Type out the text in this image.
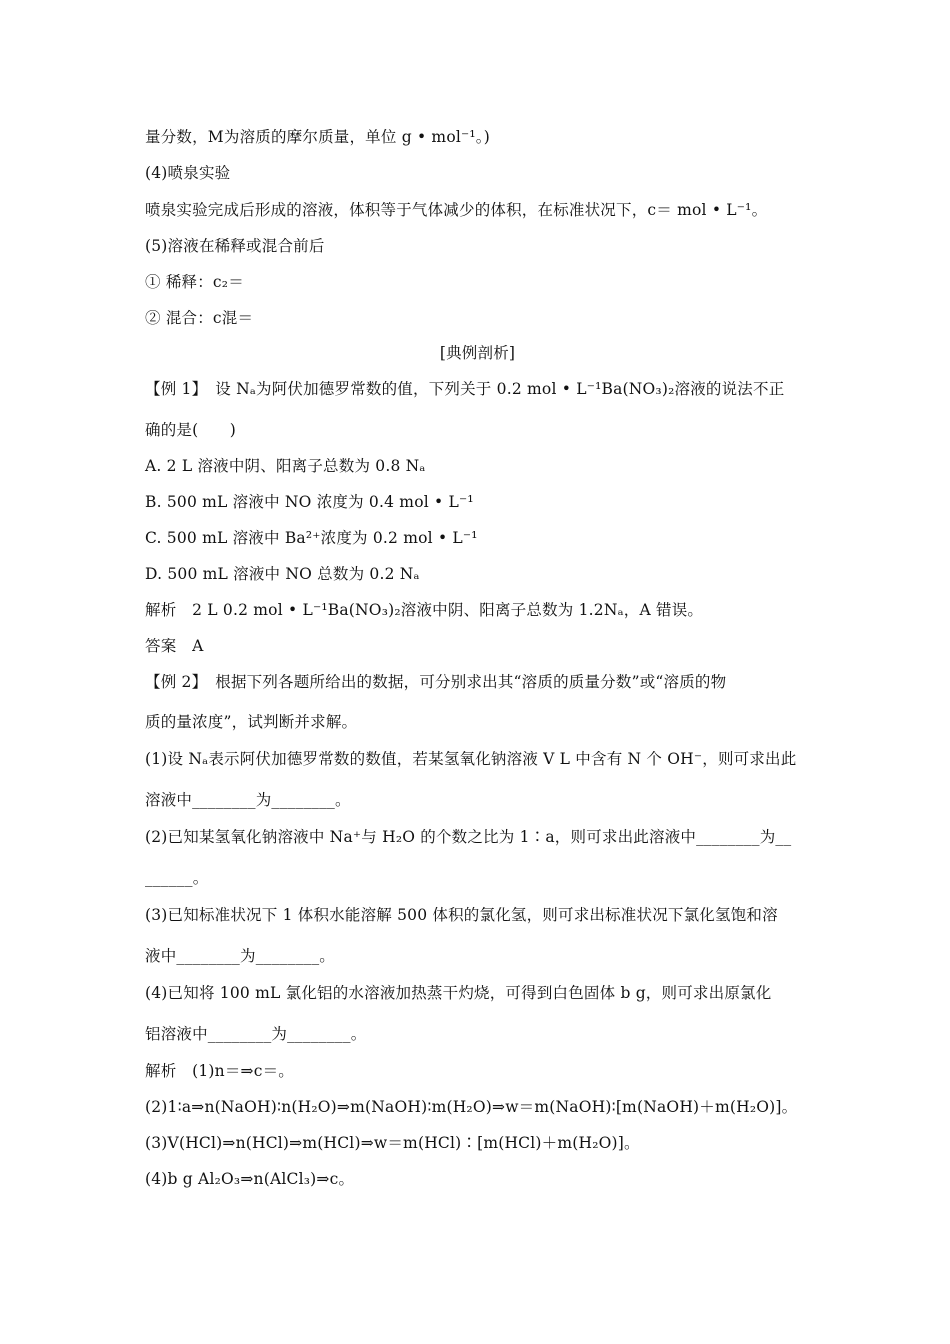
量分数，M为溶质的摩尔质量，单位 g • mol⁻¹。)
(4)喷泉实验
喷泉实验完成后形成的溶液，体积等于气体减少的体积，在标准状况下，c＝ mol • L⁻¹。
(5)溶液在稀释或混合前后
① 稀释：c₂＝
② 混合：c混＝
[典例剖析]
【例 1】　设 Nₐ为阿伏加德罗常数的值，下列关于 0.2 mol • L⁻¹Ba(NO₃)₂溶液的说法不正
确的是(　　)
A. 2 L 溶液中阴、阳离子总数为 0.8 Nₐ
B. 500 mL 溶液中 NO 浓度为 0.4 mol • L⁻¹
C. 500 mL 溶液中 Ba²⁺浓度为 0.2 mol • L⁻¹
D. 500 mL 溶液中 NO 总数为 0.2 Nₐ
解析　2 L 0.2 mol • L⁻¹Ba(NO₃)₂溶液中阴、阳离子总数为 1.2Nₐ，A 错误。
答案　A
【例 2】　根据下列各题所给出的数据，可分别求出其“溶质的质量分数”或“溶质的物
质的量浓度”，试判断并求解。
(1)设 Nₐ表示阿伏加德罗常数的数值，若某氢氧化钠溶液 V L 中含有 N 个 OH⁻，则可求出此
溶液中________为________。
(2)已知某氢氧化钠溶液中 Na⁺与 H₂O 的个数之比为 1∶a，则可求出此溶液中________为__
______。
(3)已知标准状况下 1 体积水能溶解 500 体积的氯化氢，则可求出标准状况下氯化氢饱和溶
液中________为________。
(4)已知将 100 mL 氯化铝的水溶液加热蒸干灼烧，可得到白色固体 b g，则可求出原氯化
铝溶液中________为________。
解析　(1)n＝⇒c＝。
(2)1∶a⇒n(NaOH)∶n(H₂O)⇒m(NaOH)∶m(H₂O)⇒w＝m(NaOH)∶[m(NaOH)＋m(H₂O)]。
(3)V(HCl)⇒n(HCl)⇒m(HCl)⇒w＝m(HCl)∶[m(HCl)＋m(H₂O)]。
(4)b g Al₂O₃⇒n(AlCl₃)⇒c。
